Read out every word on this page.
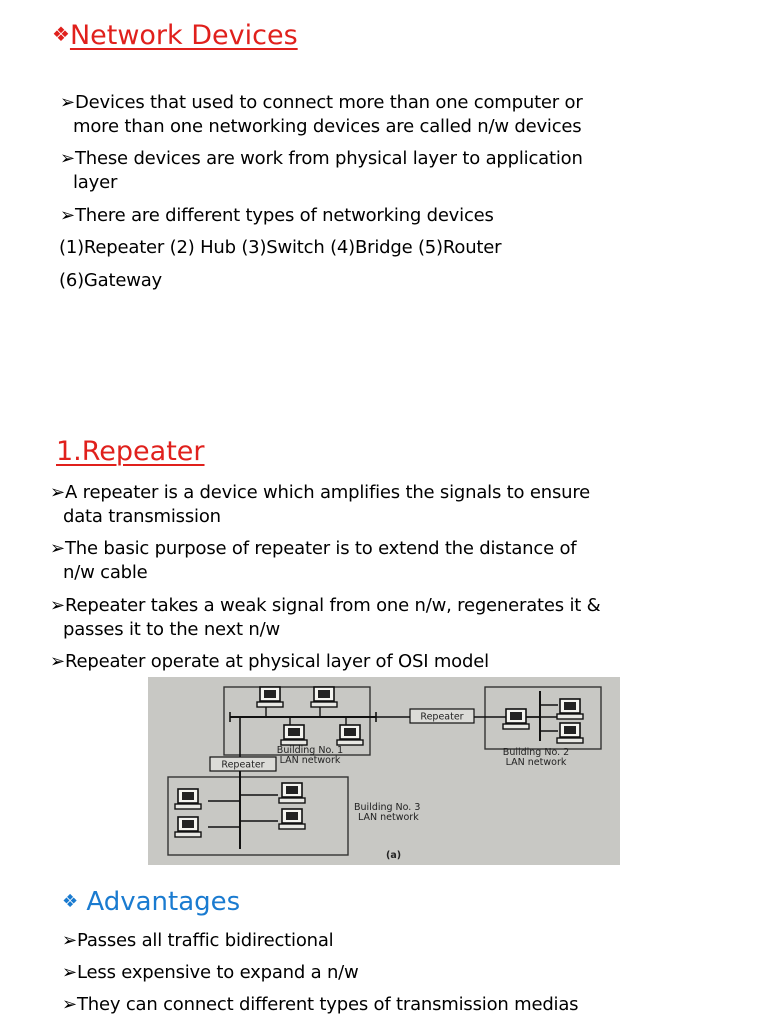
❖Network Devices
➢Devices that used to connect more than one computer or
more than one networking devices are called n/w devices
➢These devices are work from physical layer to application
layer
➢There are different types of networking devices
(1)Repeater (2) Hub (3)Switch (4)Bridge (5)Router
(6)Gateway
1.Repeater
➢A repeater is a device which amplifies the signals to ensure
data transmission
➢The basic purpose of repeater is to extend the distance of
n/w cable
➢Repeater takes a weak signal from one n/w, regenerates it &
passes it to the next n/w
➢Repeater operate at physical layer of OSI model
Repeater
Building No. 1
LAN network
Building No. 2
LAN network
Repeater
Building No. 3
LAN network
(a)
❖ Advantages
➢Passes all traffic bidirectional
➢Less expensive to expand a n/w
➢They can connect different types of transmission medias
